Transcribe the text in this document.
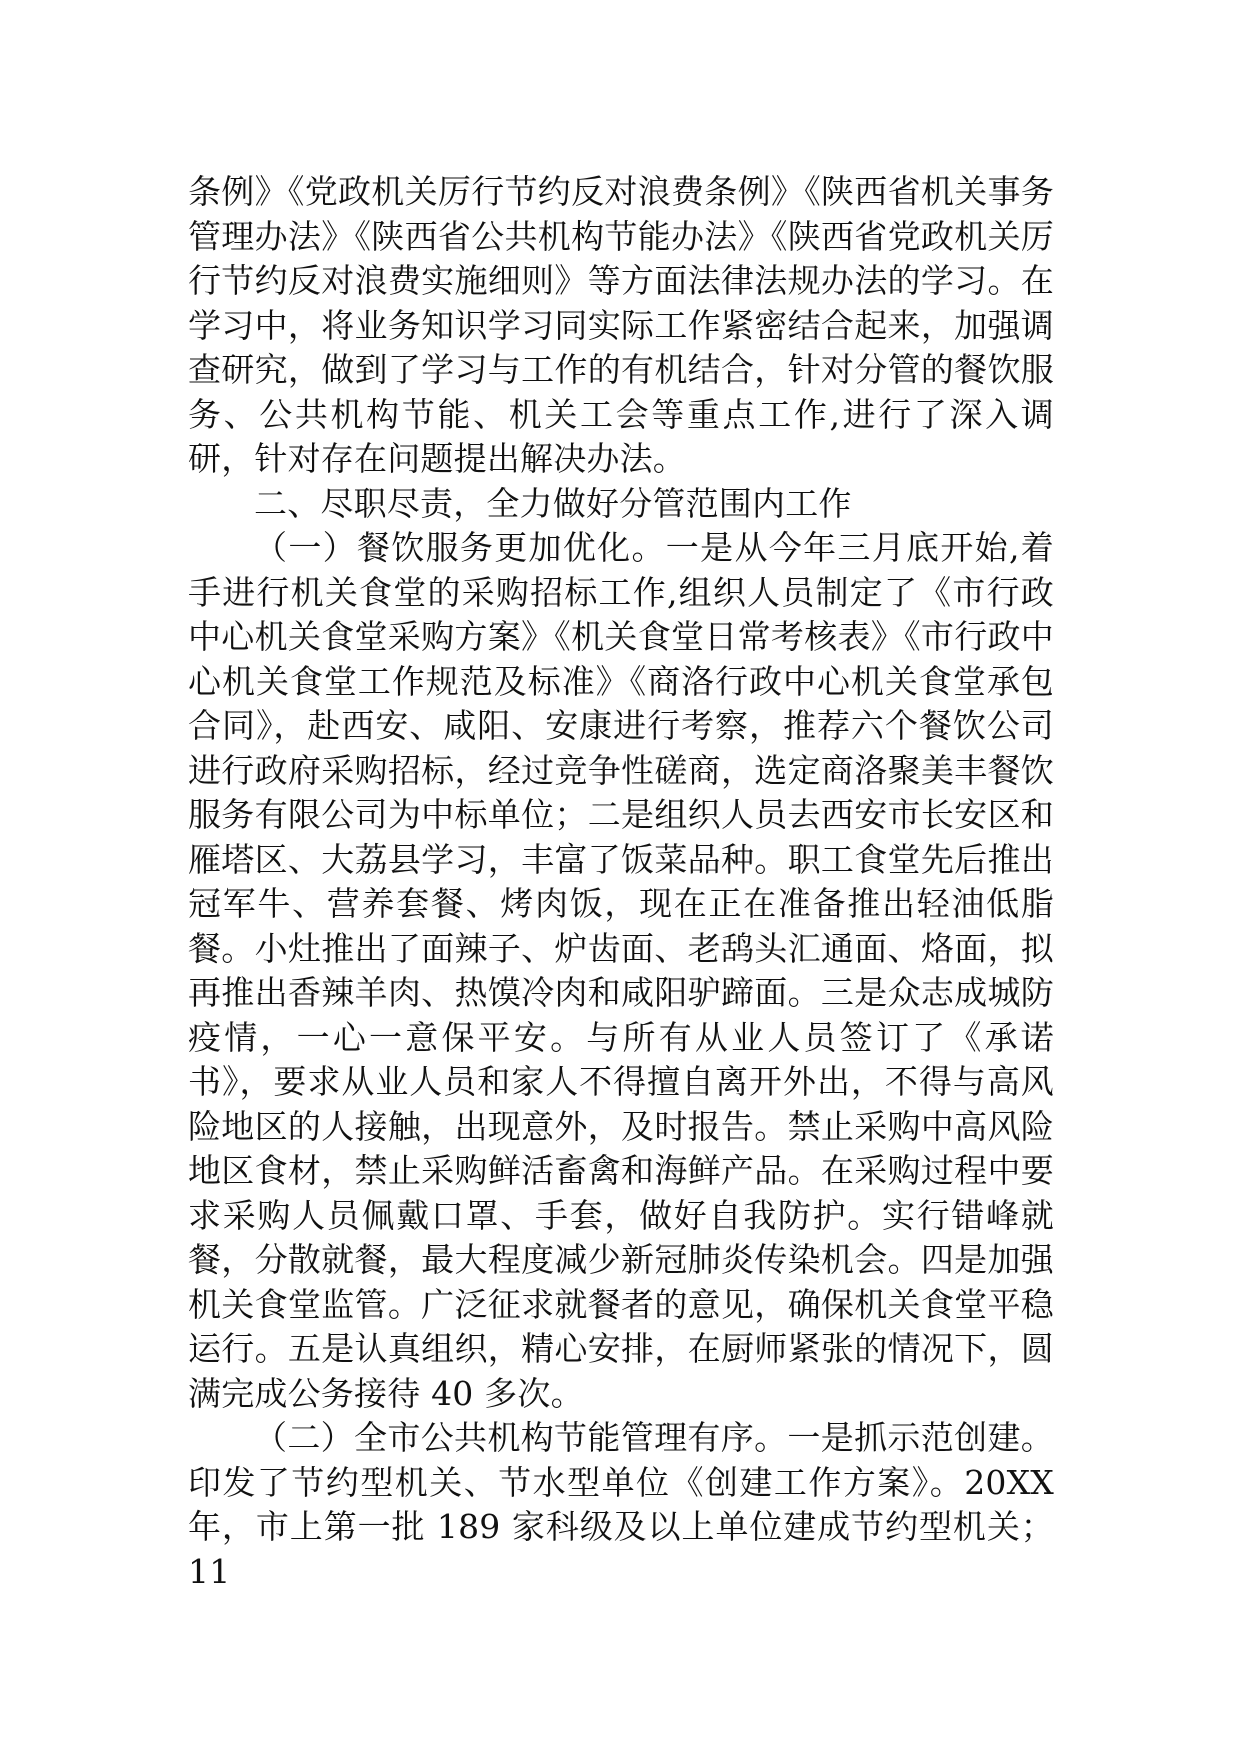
条例》《党政机关厉行节约反对浪费条例》《陕西省机关事务管理办法》《陕西省公共机构节能办法》《陕西省党政机关厉行节约反对浪费实施细则》等方面法律法规办法的学习。在学习中，将业务知识学习同实际工作紧密结合起来，加强调查研究，做到了学习与工作的有机结合，针对分管的餐饮服务、公共机构节能、机关工会等重点工作,进行了深入调研，针对存在问题提出解决办法。

二、尽职尽责，全力做好分管范围内工作

（一）餐饮服务更加优化。一是从今年三月底开始,着手进行机关食堂的采购招标工作,组织人员制定了《市行政中心机关食堂采购方案》《机关食堂日常考核表》《市行政中心机关食堂工作规范及标准》《商洛行政中心机关食堂承包合同》，赴西安、咸阳、安康进行考察，推荐六个餐饮公司进行政府采购招标，经过竞争性磋商，选定商洛聚美丰餐饮服务有限公司为中标单位；二是组织人员去西安市长安区和雁塔区、大荔县学习，丰富了饭菜品种。职工食堂先后推出冠军牛、营养套餐、烤肉饭，现在正在准备推出轻油低脂餐。小灶推出了面辣子、炉齿面、老鸹头汇通面、烙面，拟再推出香辣羊肉、热馍冷肉和咸阳驴蹄面。三是众志成城防疫情，一心一意保平安。与所有从业人员签订了《承诺书》，要求从业人员和家人不得擅自离开外出，不得与高风险地区的人接触，出现意外，及时报告。禁止采购中高风险地区食材，禁止采购鲜活畜禽和海鲜产品。在采购过程中要求采购人员佩戴口罩、手套，做好自我防护。实行错峰就餐，分散就餐，最大程度减少新冠肺炎传染机会。四是加强机关食堂监管。广泛征求就餐者的意见，确保机关食堂平稳运行。五是认真组织，精心安排，在厨师紧张的情况下，圆满完成公务接待 40 多次。

（二）全市公共机构节能管理有序。一是抓示范创建。印发了节约型机关、节水型单位《创建工作方案》。20XX年，市上第一批 189 家科级及以上单位建成节约型机关；11
